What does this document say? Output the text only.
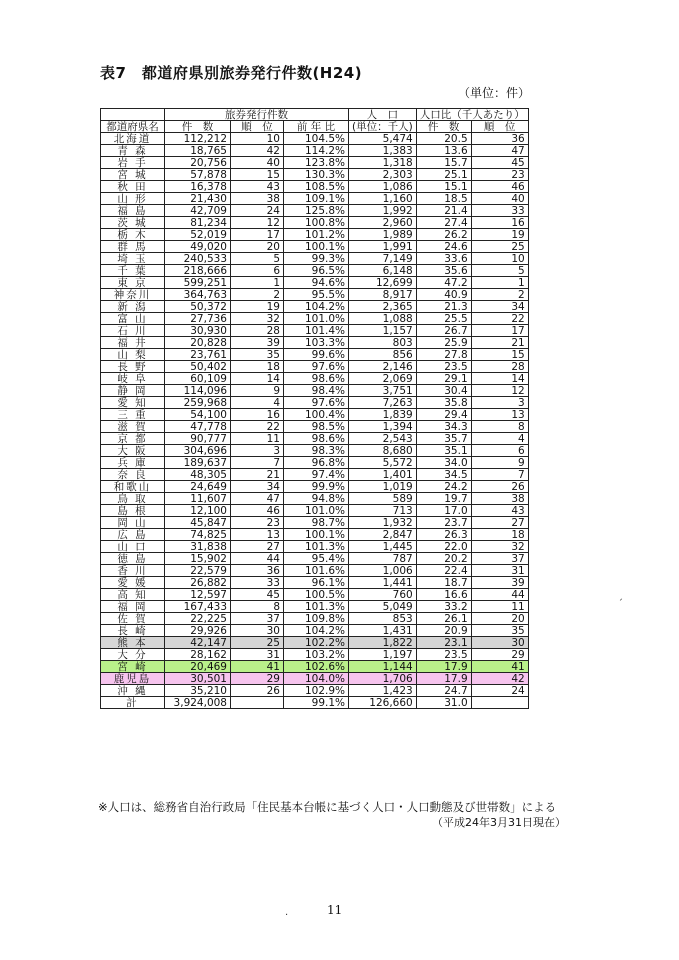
表7　都道府県別旅券発行件数(H24)
（単位：件）
	旅券発行件数			人　口	人口比（千人あたり）	
都道府県名	件　数	順　位	前 年 比	(単位：千人)	件　数	順　位
北海道	112,212	10	104.5%	5,474	20.5	36
青 森	18,765	42	114.2%	1,383	13.6	47
岩 手	20,756	40	123.8%	1,318	15.7	45
宮 城	57,878	15	130.3%	2,303	25.1	23
秋 田	16,378	43	108.5%	1,086	15.1	46
山 形	21,430	38	109.1%	1,160	18.5	40
福 島	42,709	24	125.8%	1,992	21.4	33
茨 城	81,234	12	100.8%	2,960	27.4	16
栃 木	52,019	17	101.2%	1,989	26.2	19
群 馬	49,020	20	100.1%	1,991	24.6	25
埼 玉	240,533	5	99.3%	7,149	33.6	10
千 葉	218,666	6	96.5%	6,148	35.6	5
東 京	599,251	1	94.6%	12,699	47.2	1
神奈川	364,763	2	95.5%	8,917	40.9	2
新 潟	50,372	19	104.2%	2,365	21.3	34
富 山	27,736	32	101.0%	1,088	25.5	22
石 川	30,930	28	101.4%	1,157	26.7	17
福 井	20,828	39	103.3%	803	25.9	21
山 梨	23,761	35	99.6%	856	27.8	15
長 野	50,402	18	97.6%	2,146	23.5	28
岐 阜	60,109	14	98.6%	2,069	29.1	14
静 岡	114,096	9	98.4%	3,751	30.4	12
愛 知	259,968	4	97.6%	7,263	35.8	3
三 重	54,100	16	100.4%	1,839	29.4	13
滋 賀	47,778	22	98.5%	1,394	34.3	8
京 都	90,777	11	98.6%	2,543	35.7	4
大 阪	304,696	3	98.3%	8,680	35.1	6
兵 庫	189,637	7	96.8%	5,572	34.0	9
奈 良	48,305	21	97.4%	1,401	34.5	7
和歌山	24,649	34	99.9%	1,019	24.2	26
鳥 取	11,607	47	94.8%	589	19.7	38
島 根	12,100	46	101.0%	713	17.0	43
岡 山	45,847	23	98.7%	1,932	23.7	27
広 島	74,825	13	100.1%	2,847	26.3	18
山 口	31,838	27	101.3%	1,445	22.0	32
徳 島	15,902	44	95.4%	787	20.2	37
香 川	22,579	36	101.6%	1,006	22.4	31
愛 媛	26,882	33	96.1%	1,441	18.7	39
高 知	12,597	45	100.5%	760	16.6	44
福 岡	167,433	8	101.3%	5,049	33.2	11
佐 賀	22,225	37	109.8%	853	26.1	20
長 崎	29,926	30	104.2%	1,431	20.9	35
熊 本	42,147	25	102.2%	1,822	23.1	30
大 分	28,162	31	103.2%	1,197	23.5	29
宮 崎	20,469	41	102.6%	1,144	17.9	41
鹿児島	30,501	29	104.0%	1,706	17.9	42
沖 縄	35,210	26	102.9%	1,423	24.7	24
計	3,924,008		99.1%	126,660	31.0	
※人口は、総務省自治行政局「住民基本台帳に基づく人口・人口動態及び世帯数」による
（平成24年3月31日現在）
11
ˏ
·
